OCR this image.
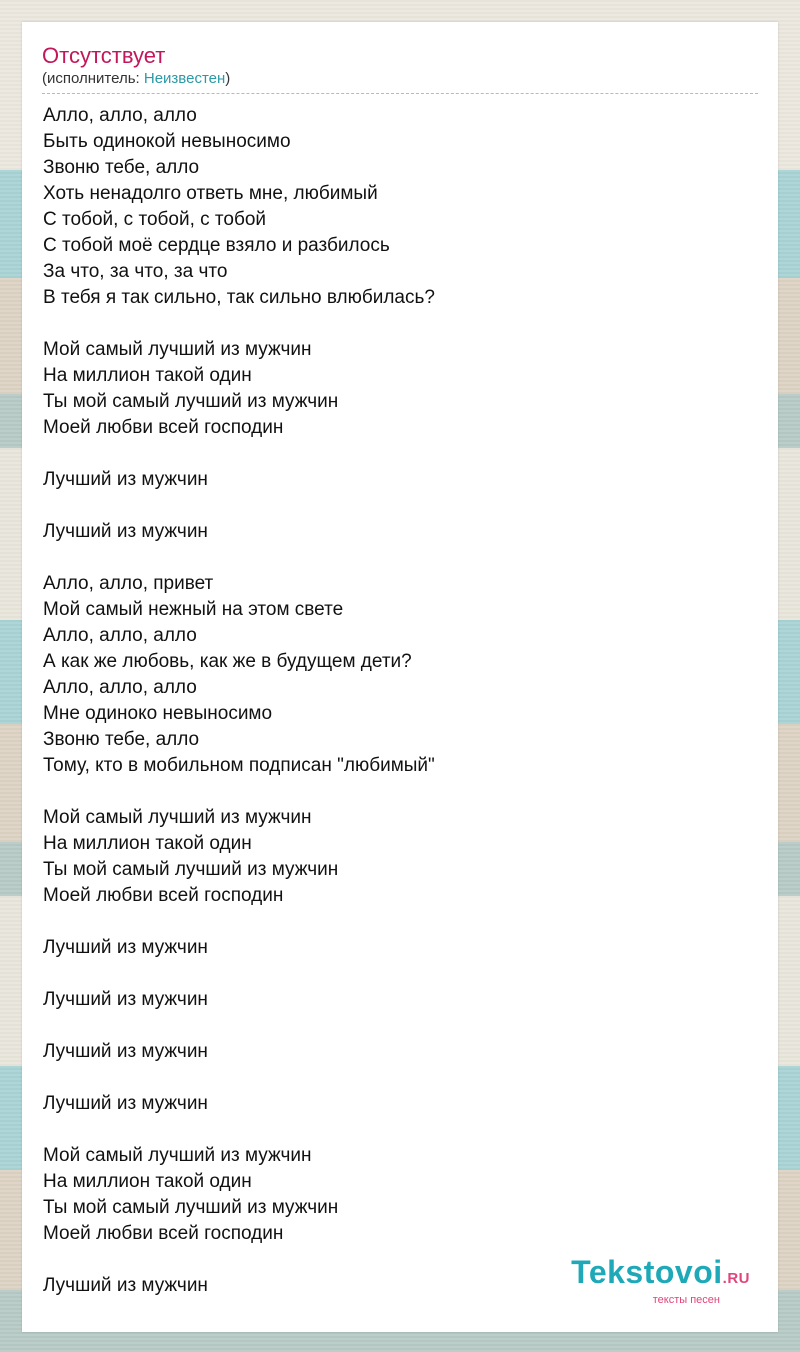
Отсутствует
(исполнитель: Неизвестен)
Алло, алло, алло
Быть одинокой невыносимо
Звоню тебе, алло
Хоть ненадолго ответь мне, любимый
С тобой, с тобой, с тобой
С тобой моё сердце взяло и разбилось
За что, за что, за что
В тебя я так сильно, так сильно влюбилась?
Мой самый лучший из мужчин
На миллион такой один
Ты мой самый лучший из мужчин
Моей любви всей господин
Лучший из мужчин
Лучший из мужчин
Алло, алло, привет
Мой самый нежный на этом свете
Алло, алло, алло
А как же любовь, как же в будущем дети?
Алло, алло, алло
Мне одиноко невыносимо
Звоню тебе, алло
Тому, кто в мобильном подписан "любимый"
Мой самый лучший из мужчин
На миллион такой один
Ты мой самый лучший из мужчин
Моей любви всей господин
Лучший из мужчин
Лучший из мужчин
Лучший из мужчин
Лучший из мужчин
Мой самый лучший из мужчин
На миллион такой один
Ты мой самый лучший из мужчин
Моей любви всей господин
Лучший из мужчин	Tekstovoi.RU
тексты песен
